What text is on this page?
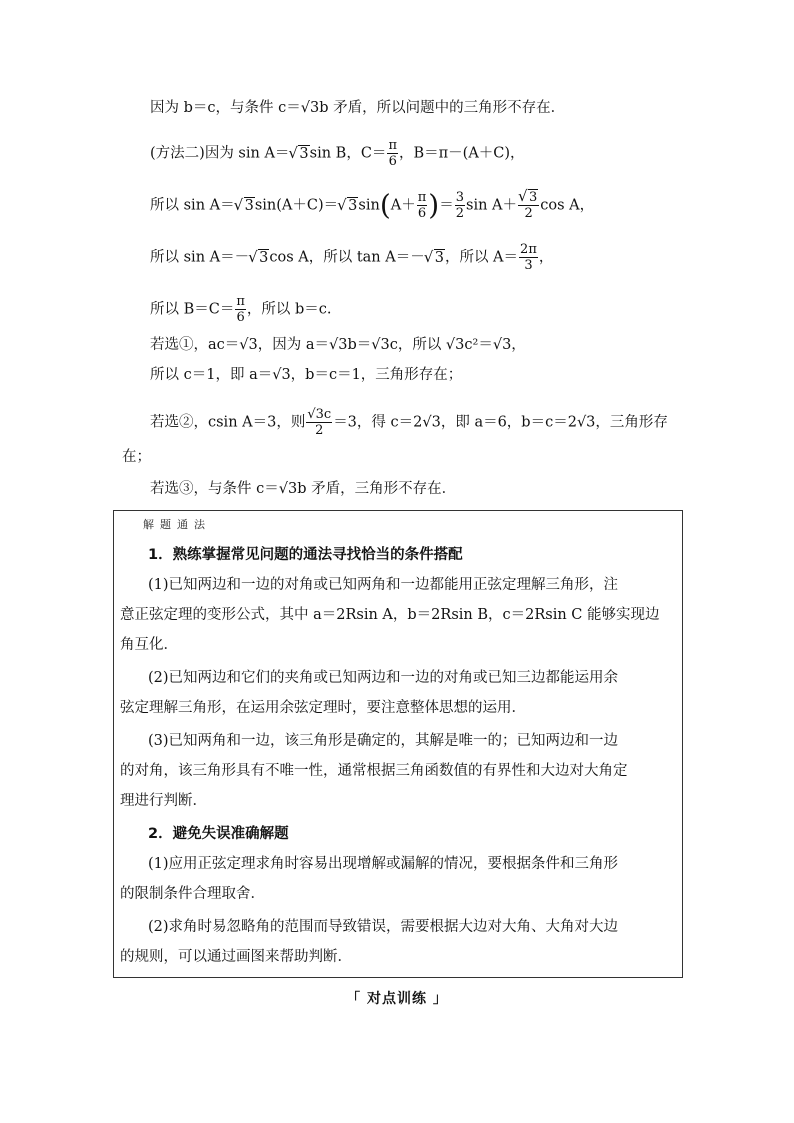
因为 b＝c，与条件 c＝√3b 矛盾，所以问题中的三角形不存在．
(方法二)因为 sin A＝ √ 3sin B，$C= \frac{\pi}{6}$ ，B＝π－(A＋C)，
所以 sin A＝ √ 3sin(A＋C)＝ √ $3\sin(A+ \frac{\pi}{6}$ )＝ $\frac{3}{2}$ sin A＋ √ $\frac{3}{2}$ cos A，
所以 sin A＝－ √ 3cos A，所以 tan A＝－ √ 3，所以 $A= \frac{2\pi}{3}$ ，
所以 $B=C= \frac{\pi}{6}$ ，所以 b＝c.
若选①，ac＝√3，因为 a＝√3b＝√3c，所以 √3c²＝√3，
所以 c＝1，即 a＝√3，b＝c＝1，三角形存在；
若选②，csin A＝3，则 $\frac{√3c}{2} =3$，得 c＝2√3，即 a＝6，b＝c＝2√3，三角形存
在；
若选③，与条件 c＝√3b 矛盾，三角形不存在．
解题通法
1．熟练掌握常见问题的通法寻找恰当的条件搭配
(1)已知两边和一边的对角或已知两角和一边都能用正弦定理解三角形，注
意正弦定理的变形公式，其中 a＝2Rsin A，b＝2Rsin B，c＝2Rsin C 能够实现边
角互化．
(2)已知两边和它们的夹角或已知两边和一边的对角或已知三边都能运用余
弦定理解三角形，在运用余弦定理时，要注意整体思想的运用．
(3)已知两角和一边，该三角形是确定的，其解是唯一的；已知两边和一边
的对角，该三角形具有不唯一性，通常根据三角函数值的有界性和大边对大角定
理进行判断．
2．避免失误准确解题
(1)应用正弦定理求角时容易出现增解或漏解的情况，要根据条件和三角形
的限制条件合理取舍．
(2)求角时易忽略角的范围而导致错误，需要根据大边对大角、大角对大边
的规则，可以通过画图来帮助判断．
「 对点训练 」
